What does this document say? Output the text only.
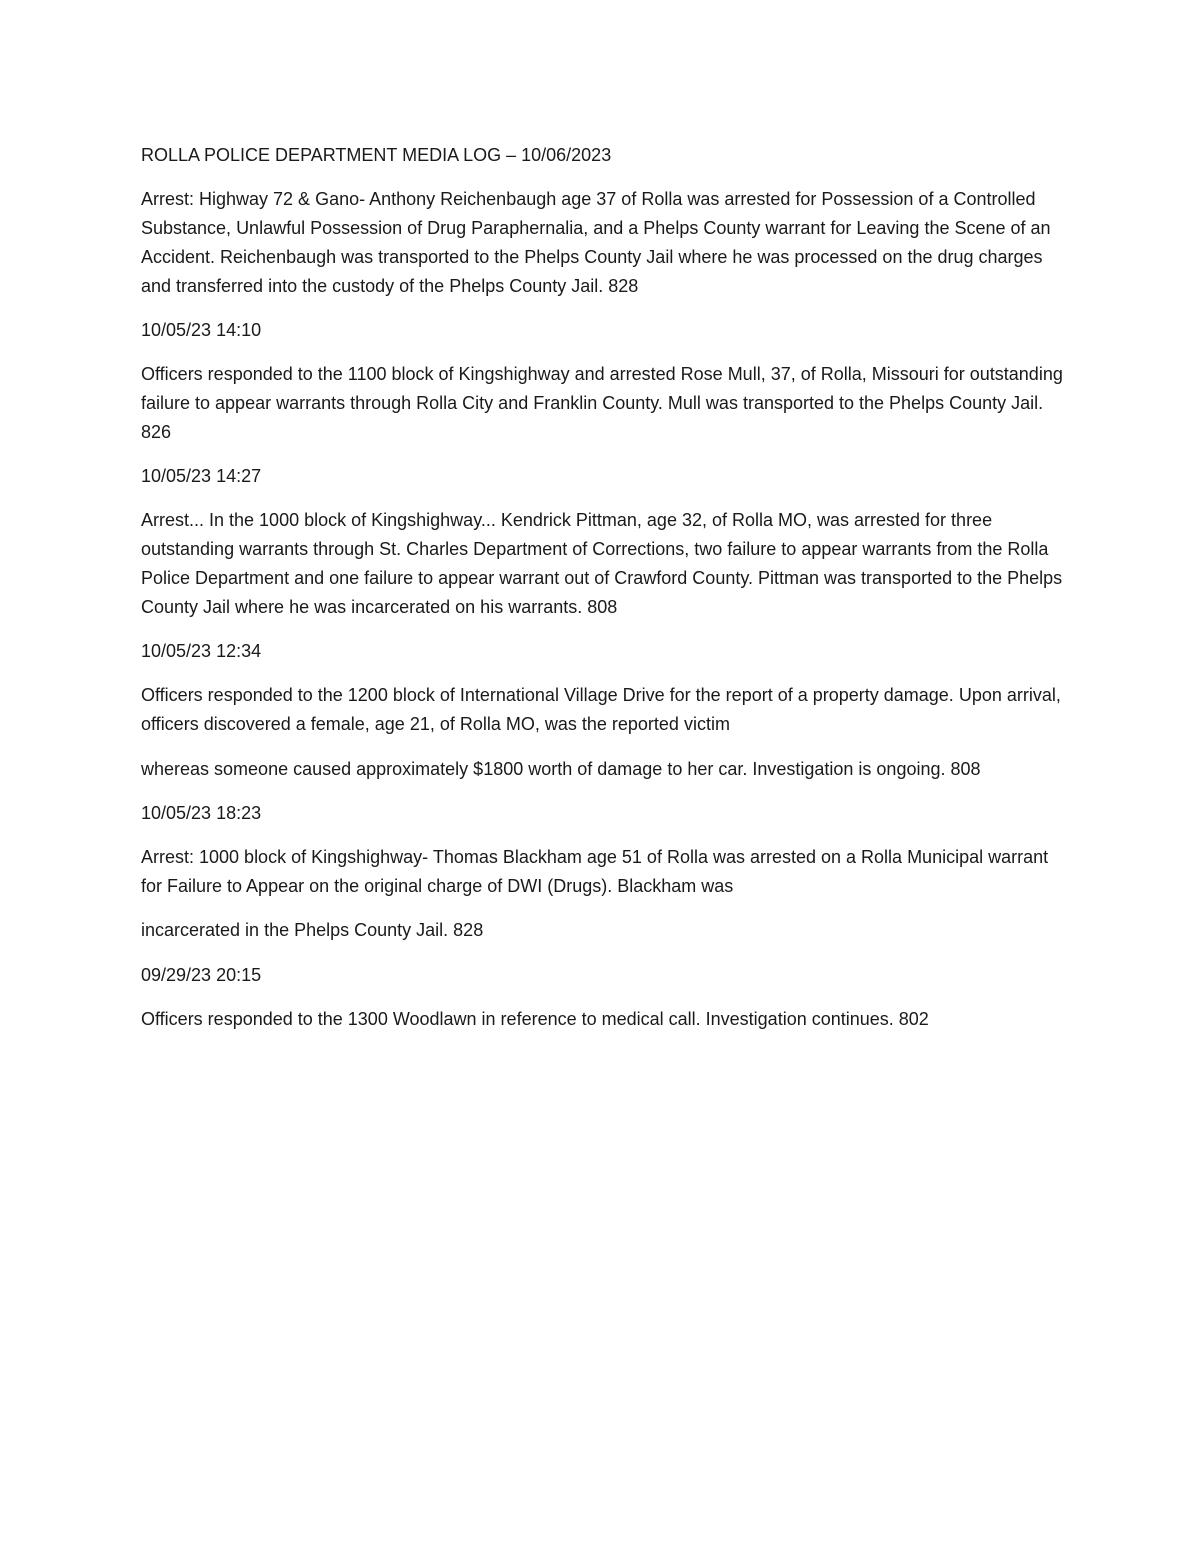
ROLLA POLICE DEPARTMENT MEDIA LOG – 10/06/2023

Arrest: Highway 72 & Gano- Anthony Reichenbaugh age 37 of Rolla was arrested for Possession of a Controlled Substance, Unlawful Possession of Drug Paraphernalia, and a Phelps County warrant for Leaving the Scene of an Accident. Reichenbaugh was transported to the Phelps County Jail where he was processed on the drug charges and transferred into the custody of the Phelps County Jail. 828

10/05/23 14:10

Officers responded to the 1100 block of Kingshighway and arrested Rose Mull, 37, of Rolla, Missouri for outstanding failure to appear warrants through Rolla City and Franklin County. Mull was transported to the Phelps County Jail. 826

10/05/23 14:27

Arrest... In the 1000 block of Kingshighway... Kendrick Pittman, age 32, of Rolla MO, was arrested for three outstanding warrants through St. Charles Department of Corrections, two failure to appear warrants from the Rolla Police Department and one failure to appear warrant out of Crawford County. Pittman was transported to the Phelps County Jail where he was incarcerated on his warrants. 808

10/05/23 12:34

Officers responded to the 1200 block of International Village Drive for the report of a property damage. Upon arrival, officers discovered a female, age 21, of Rolla MO, was the reported victim

whereas someone caused approximately $1800 worth of damage to her car. Investigation is ongoing. 808

10/05/23 18:23

Arrest: 1000 block of Kingshighway- Thomas Blackham age 51 of Rolla was arrested on a Rolla Municipal warrant for Failure to Appear on the original charge of DWI (Drugs). Blackham was

incarcerated in the Phelps County Jail. 828

09/29/23 20:15

Officers responded to the 1300 Woodlawn in reference to medical call. Investigation continues. 802
